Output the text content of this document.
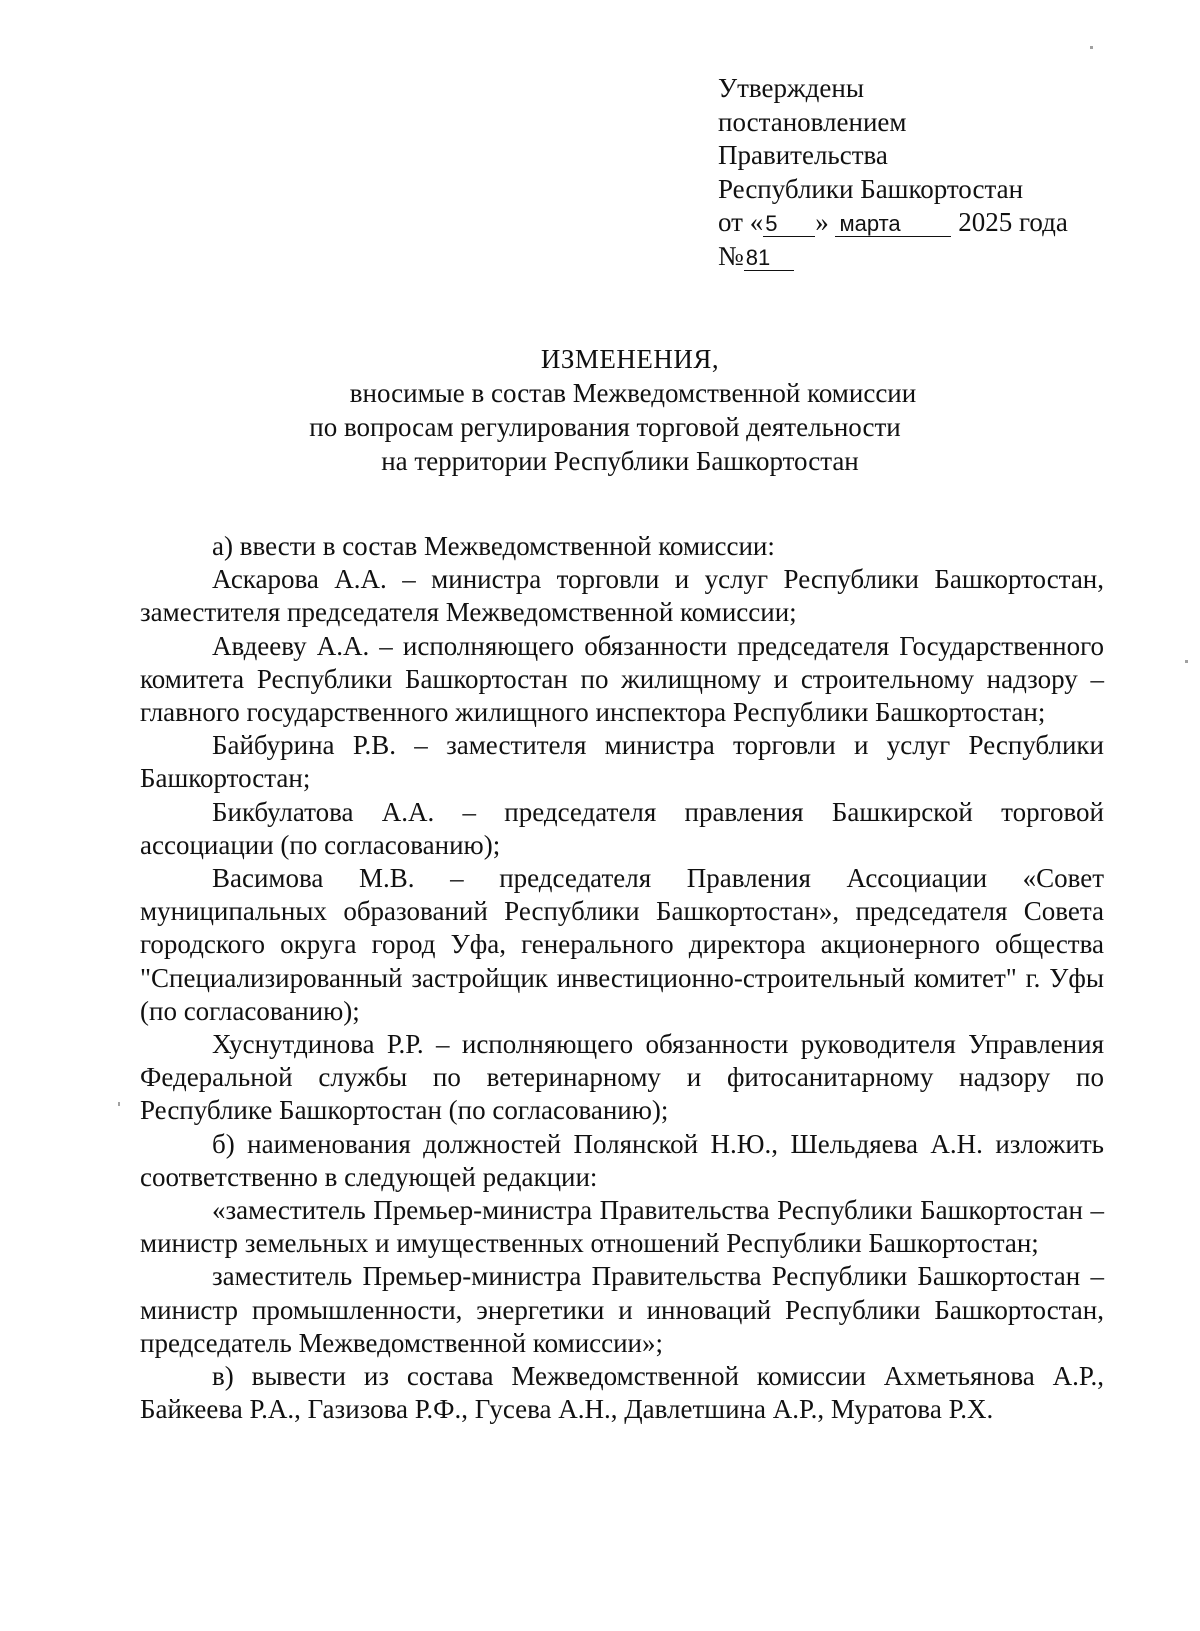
Утверждены
постановлением
Правительства
Республики Башкортостан
от «5 » марта 2025 года
№81
ИЗМЕНЕНИЯ,
вносимые в состав Межведомственной комиссии
по вопросам регулирования торговой деятельности
на территории Республики Башкортостан

а) ввести в состав Межведомственной комиссии:

Аскарова А.А. – министра торговли и услуг Республики Башкортостан, заместителя председателя Межведомственной комиссии;

Авдееву А.А. – исполняющего обязанности председателя Государственного комитета Республики Башкортостан по жилищному и строительному надзору – главного государственного жилищного инспектора Республики Башкортостан;

Байбурина Р.В. – заместителя министра торговли и услуг Республики Башкортостан;

Бикбулатова А.А. – председателя правления Башкирской торговой ассоциации (по согласованию);

Васимова М.В. – председателя Правления Ассоциации «Совет муниципальных образований Республики Башкортостан», председателя Совета городского округа город Уфа, генерального директора акционерного общества "Специализированный застройщик инвестиционно-строительный комитет" г. Уфы (по согласованию);

Хуснутдинова Р.Р. – исполняющего обязанности руководителя Управления Федеральной службы по ветеринарному и фитосанитарному надзору по Республике Башкортостан (по согласованию);

б) наименования должностей Полянской Н.Ю., Шельдяева А.Н. изложить соответственно в следующей редакции:

«заместитель Премьер-министра Правительства Республики Башкортостан – министр земельных и имущественных отношений Республики Башкортостан;

заместитель Премьер-министра Правительства Республики Башкортостан – министр промышленности, энергетики и инноваций Республики Башкортостан, председатель Межведомственной комиссии»;

в) вывести из состава Межведомственной комиссии Ахметьянова А.Р., Байкеева Р.А., Газизова Р.Ф., Гусева А.Н., Давлетшина А.Р., Муратова Р.Х.
